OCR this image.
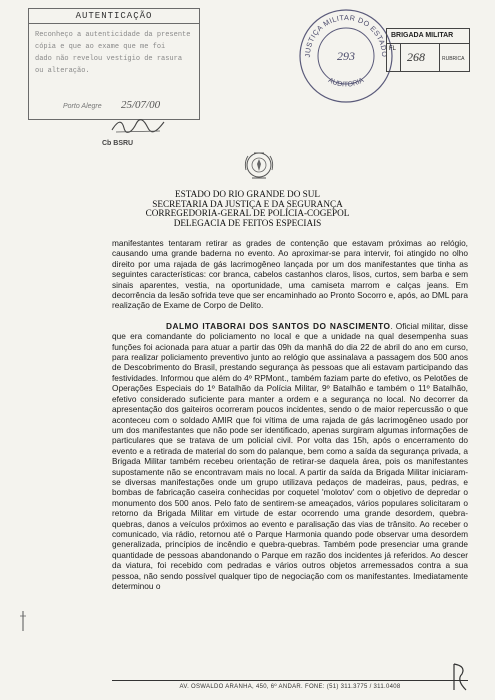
AUTENTICAÇÃO
Reconheço a autenticidade da presente
cópia e que ao exame que me foi
dado não revelou vestígio de rasura
ou alteração.
Porto Alegre 25/07/00
Cb BSRU
JUSTIÇA MILITAR DO ESTADO
AUDITORIA
293
BRIGADA MILITAR
FL
268	RUBRICA
ESTADO DO RIO GRANDE DO SUL
SECRETARIA DA JUSTIÇA E DA SEGURANÇA
CORREGEDORIA-GERAL DE POLÍCIA-COGEPOL
DELEGACIA DE FEITOS ESPECIAIS

manifestantes tentaram retirar as grades de contenção que estavam próximas ao relógio, causando uma grande baderna no evento. Ao aproximar-se para intervir, foi atingido no olho direito por uma rajada de gás lacrimogêneo lançada por um dos manifestantes que tinha as seguintes características: cor branca, cabelos castanhos claros, lisos, curtos, sem barba e sem sinais aparentes, vestia, na oportunidade, uma camiseta marrom e calças jeans. Em decorrência da lesão sofrida teve que ser encaminhado ao Pronto Socorro e, após, ao DML para realização de Exame de Corpo de Delito.

DALMO ITABORAI DOS SANTOS DO NASCIMENTO. Oficial militar, disse que era comandante do policiamento no local e que a unidade na qual desempenha suas funções foi acionada para atuar a partir das 09h da manhã do dia 22 de abril do ano em curso, para realizar policiamento preventivo junto ao relógio que assinalava a passagem dos 500 anos de Descobrimento do Brasil, prestando segurança às pessoas que ali estavam participando das festividades. Informou que além do 4º RPMont., também faziam parte do efetivo, os Pelotões de Operações Especiais do 1º Batalhão da Polícia Militar, 9º Batalhão e também o 11º Batalhão, efetivo considerado suficiente para manter a ordem e a segurança no local. No decorrer da apresentação dos gaiteiros ocorreram poucos incidentes, sendo o de maior repercussão o que aconteceu com o soldado AMIR que foi vítima de uma rajada de gás lacrimogêneo usado por um dos manifestantes que não pode ser identificado, apenas surgiram algumas informações de particulares que se tratava de um policial civil. Por volta das 15h, após o encerramento do evento e a retirada de material do som do palanque, bem como a saída da segurança privada, a Brigada Militar também recebeu orientação de retirar-se daquela área, pois os manifestantes supostamente não se encontravam mais no local. A partir da saída da Brigada Militar iniciaram-se diversas manifestações onde um grupo utilizava pedaços de madeiras, paus, pedras, e bombas de fabricação caseira conhecidas por coquetel 'molotov' com o objetivo de depredar o monumento dos 500 anos. Pelo fato de sentirem-se ameaçados, vários populares solicitaram o retorno da Brigada Militar em virtude de estar ocorrendo uma grande desordem, quebra-quebras, danos a veículos próximos ao evento e paralisação das vias de trânsito. Ao receber o comunicado, via rádio, retornou até o Parque Harmonia quando pode observar uma desordem generalizada, princípios de incêndio e quebra-quebras. Também pode presenciar uma grande quantidade de pessoas abandonando o Parque em razão dos incidentes já referidos. Ao descer da viatura, foi recebido com pedradas e vários outros objetos arremessados contra a sua pessoa, não sendo possível qualquer tipo de negociação com os manifestantes. Imediatamente determinou o

AV. OSWALDO ARANHA, 450, 6º ANDAR. FONE: (51) 311.3775 / 311.0408
